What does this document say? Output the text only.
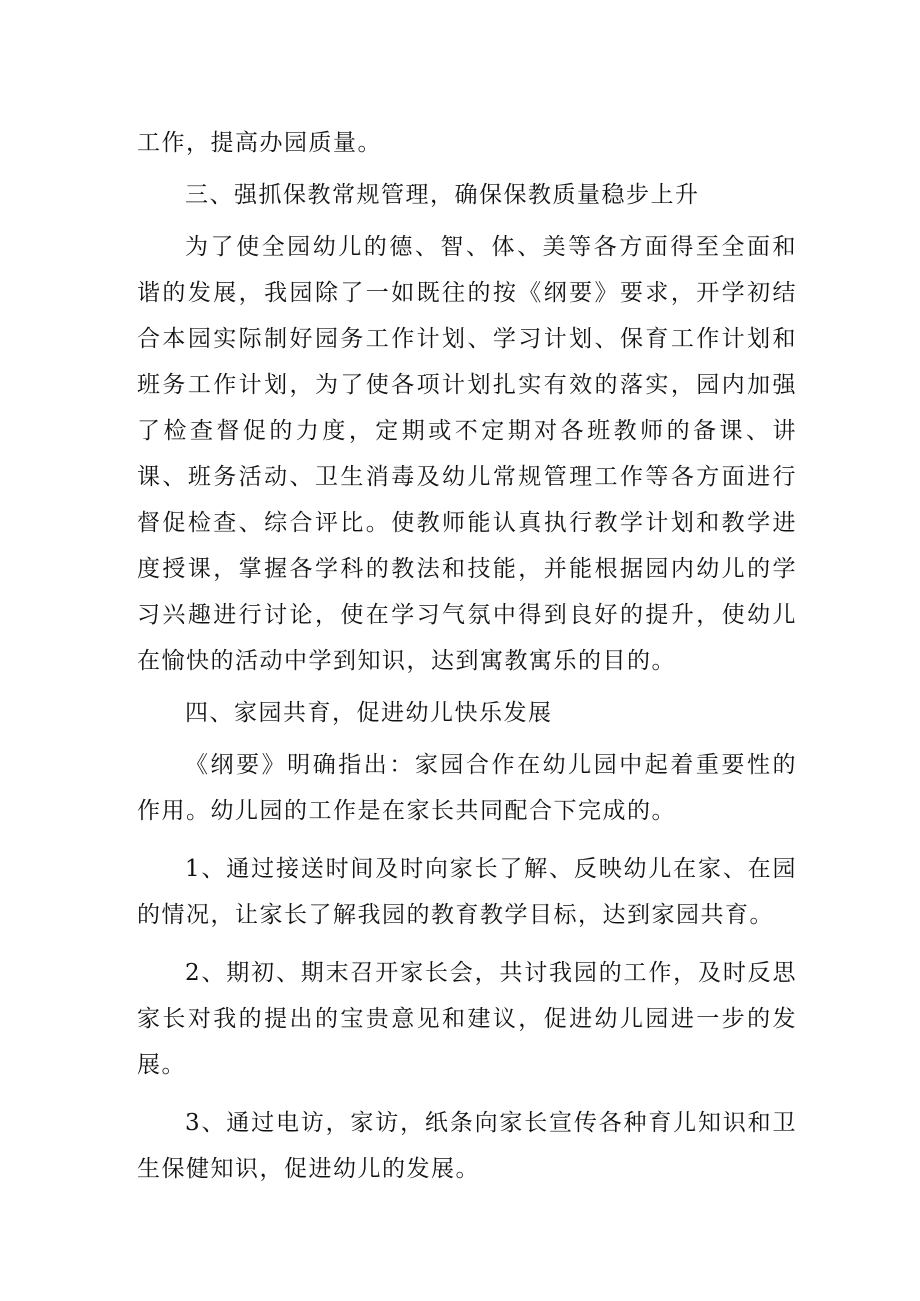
工作，提高办园质量。

三、强抓保教常规管理，确保保教质量稳步上升

为了使全园幼儿的德、智、体、美等各方面得至全面和谐的发展，我园除了一如既往的按《纲要》要求，开学初结合本园实际制好园务工作计划、学习计划、保育工作计划和班务工作计划，为了使各项计划扎实有效的落实，园内加强了检查督促的力度，定期或不定期对各班教师的备课、讲课、班务活动、卫生消毒及幼儿常规管理工作等各方面进行督促检查、综合评比。使教师能认真执行教学计划和教学进度授课，掌握各学科的教法和技能，并能根据园内幼儿的学习兴趣进行讨论，使在学习气氛中得到良好的提升，使幼儿在愉快的活动中学到知识，达到寓教寓乐的目的。

四、家园共育，促进幼儿快乐发展

《纲要》明确指出：家园合作在幼儿园中起着重要性的作用。幼儿园的工作是在家长共同配合下完成的。

1、通过接送时间及时向家长了解、反映幼儿在家、在园的情况，让家长了解我园的教育教学目标，达到家园共育。

2、期初、期末召开家长会，共讨我园的工作，及时反思家长对我的提出的宝贵意见和建议，促进幼儿园进一步的发展。

3、通过电访，家访，纸条向家长宣传各种育儿知识和卫生保健知识，促进幼儿的发展。
